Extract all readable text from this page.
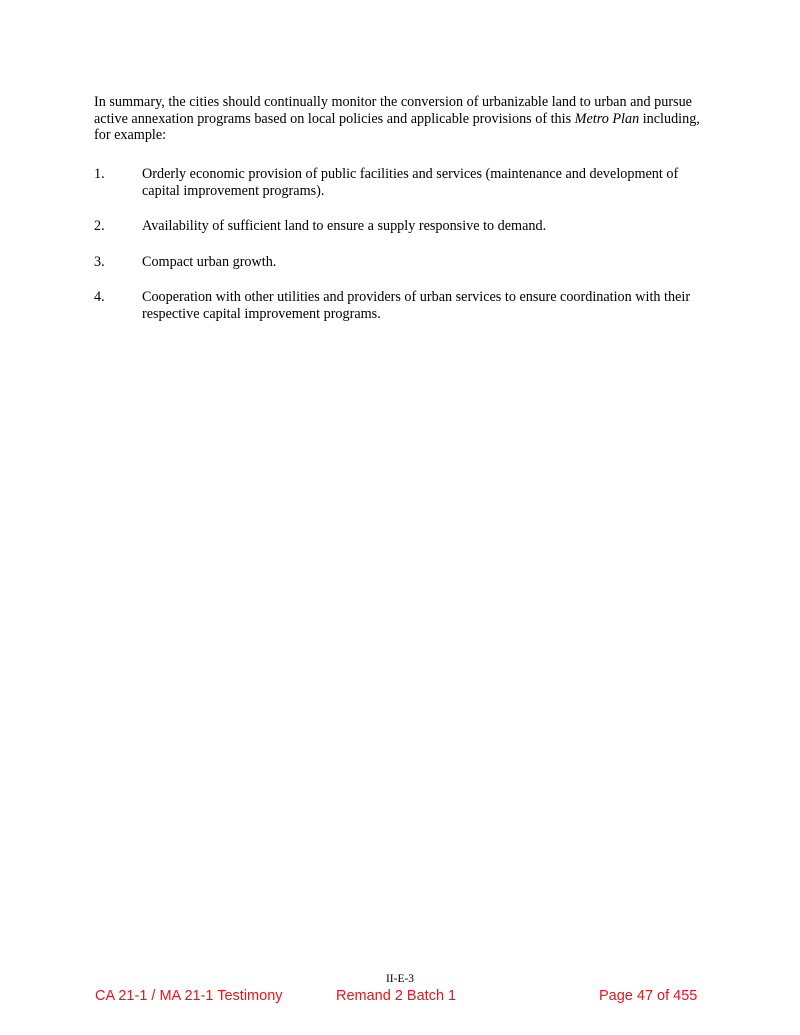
In summary, the cities should continually monitor the conversion of urbanizable land to urban and pursue active annexation programs based on local policies and applicable provisions of this Metro Plan including, for example:

1.	Orderly economic provision of public facilities and services (maintenance and development of capital improvement programs).
2.	Availability of sufficient land to ensure a supply responsive to demand.
3.	Compact urban growth.
4.	Cooperation with other utilities and providers of urban services to ensure coordination with their respective capital improvement programs.
II-E-3
CA 21-1 / MA 21-1 Testimony	Remand 2 Batch 1	Page 47 of 455
